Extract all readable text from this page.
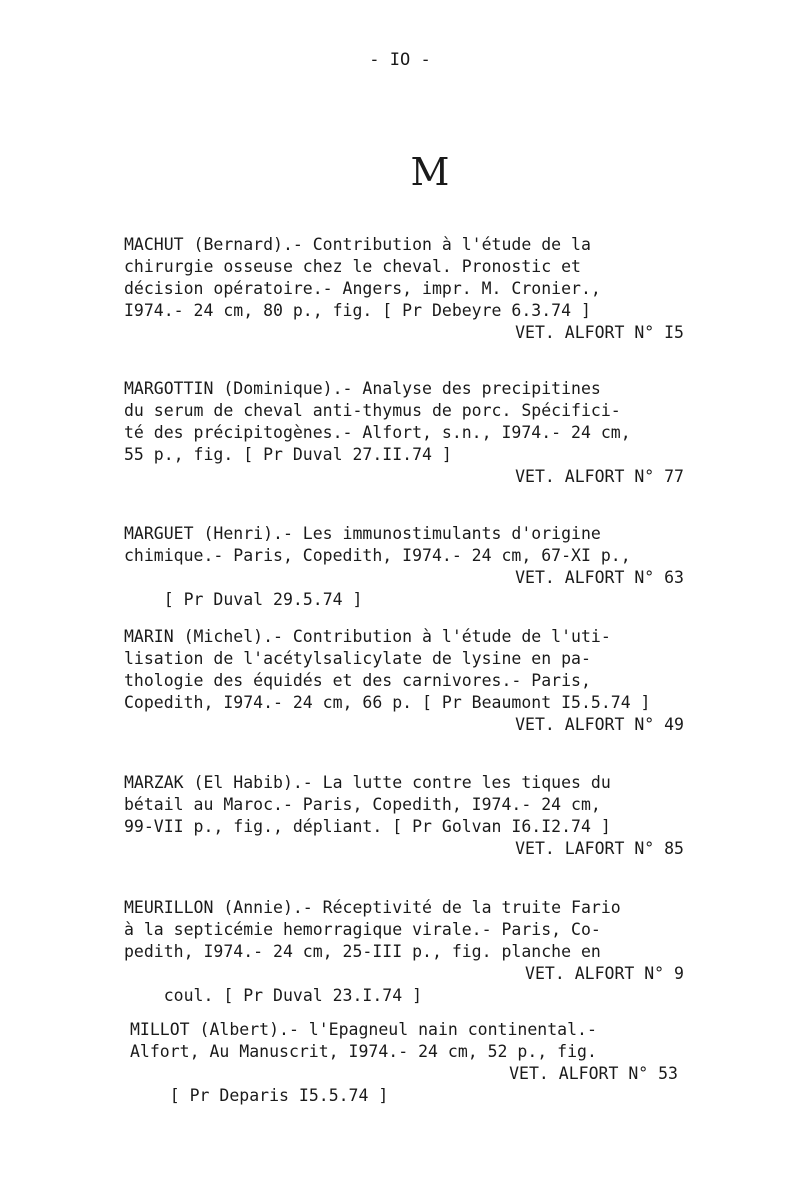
- IO -
M
MACHUT (Bernard).- Contribution à l'étude de la
chirurgie osseuse chez le cheval. Pronostic et
décision opératoire.- Angers, impr. M. Cronier.,
I974.- 24 cm, 80 p., fig. [ Pr Debeyre 6.3.74 ]
VET. ALFORT N° I5
MARGOTTIN (Dominique).- Analyse des precipitines
du serum de cheval anti-thymus de porc. Spécifici-
té des précipitogènes.- Alfort, s.n., I974.- 24 cm,
55 p., fig. [ Pr Duval 27.II.74 ]
VET. ALFORT N° 77
MARGUET (Henri).- Les immunostimulants d'origine
chimique.- Paris, Copedith, I974.- 24 cm, 67-XI p.,

[ Pr Duval 29.5.74 ]

VET. ALFORT N° 63

MARIN (Michel).- Contribution à l'étude de l'uti-
lisation de l'acétylsalicylate de lysine en pa-
thologie des équidés et des carnivores.- Paris,
Copedith, I974.- 24 cm, 66 p. [ Pr Beaumont I5.5.74 ]
VET. ALFORT N° 49
MARZAK (El Habib).- La lutte contre les tiques du
bétail au Maroc.- Paris, Copedith, I974.- 24 cm,
99-VII p., fig., dépliant. [ Pr Golvan I6.I2.74 ]
VET. LAFORT N° 85
MEURILLON (Annie).- Réceptivité de la truite Fario
à la septicémie hemorragique virale.- Paris, Co-
pedith, I974.- 24 cm, 25-III p., fig. planche en

coul. [ Pr Duval 23.I.74 ]

VET. ALFORT N° 9

MILLOT (Albert).- l'Epagneul nain continental.-
Alfort, Au Manuscrit, I974.- 24 cm, 52 p., fig.

[ Pr Deparis I5.5.74 ]

VET. ALFORT N° 53
